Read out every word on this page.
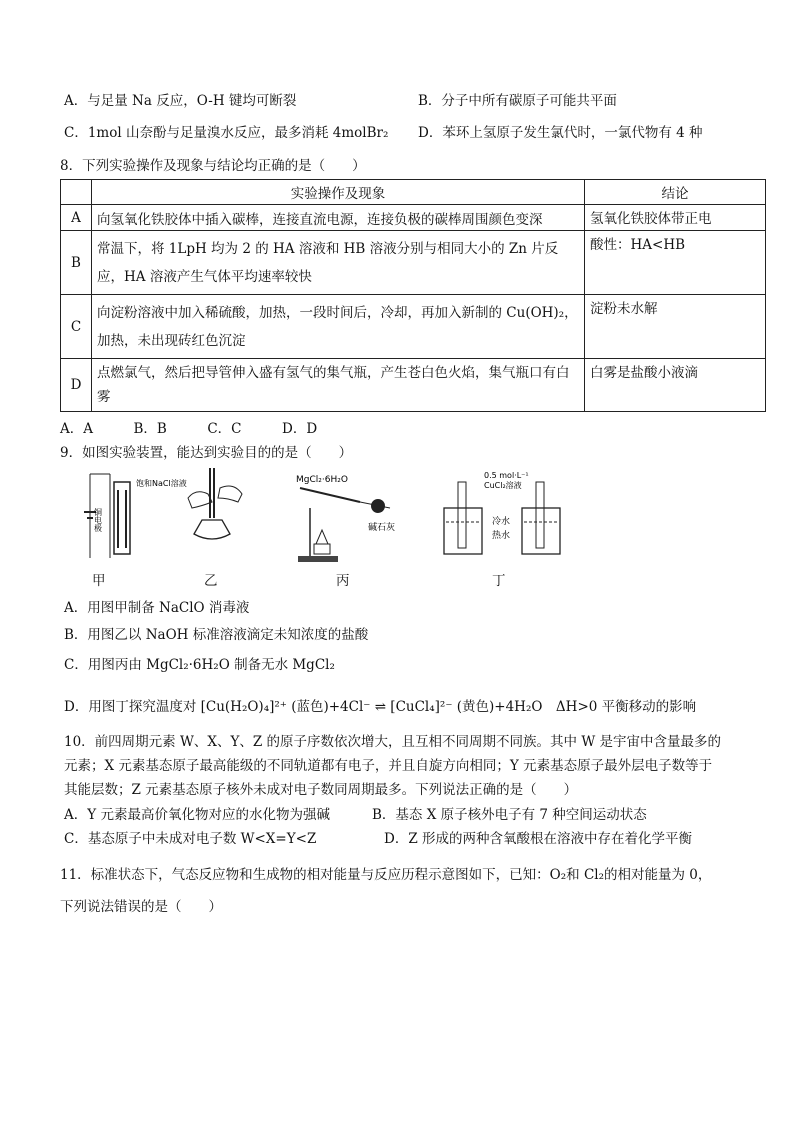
A．与足量 Na 反应，O-H 键均可断裂	B．分子中所有碳原子可能共平面
C．1mol 山奈酚与足量溴水反应，最多消耗 4molBr₂ D．苯环上氢原子发生氯代时，一氯代物有 4 种
8．下列实验操作及现象与结论均正确的是（　　）
	实验操作及现象	结论
A	向氢氧化铁胶体中插入碳棒，连接直流电源，连接负极的碳棒周围颜色变深	氢氧化铁胶体带正电
B	常温下，将 1LpH 均为 2 的 HA 溶液和 HB 溶液分别与相同大小的 Zn 片反应，HA 溶液产生气体平均速率较快	酸性：HA<HB
C	向淀粉溶液中加入稀硫酸，加热，一段时间后，冷却，再加入新制的 Cu(OH)₂，加热，未出现砖红色沉淀	淀粉未水解
D	点燃氯气，然后把导管伸入盛有氢气的集气瓶，产生苍白色火焰，集气瓶口有白雾	白雾是盐酸小液滴
A．A　　　B．B　　　C．C　　　D．D
9．如图实验装置，能达到实验目的的是（　　）
铜电极
饱和NaCl溶液	MgCl₂·6H₂O
碱石灰
0.5 mol·L⁻¹
CuCl₂溶液
冷水
热水
甲	乙	丙	丁
A．用图甲制备 NaClO 消毒液
B．用图乙以 NaOH 标准溶液滴定未知浓度的盐酸
C．用图丙由 MgCl₂·6H₂O 制备无水 MgCl₂
D．用图丁探究温度对 [Cu(H₂O)₄]²⁺ (蓝色)+4Cl⁻ ⇌ [CuCl₄]²⁻ (黄色)+4H₂O　ΔH>0 平衡移动的影响
10．前四周期元素 W、X、Y、Z 的原子序数依次增大，且互相不同周期不同族。其中 W 是宇宙中含量最多的
元素；X 元素基态原子最高能级的不同轨道都有电子，并且自旋方向相同；Y 元素基态原子最外层电子数等于
其能层数；Z 元素基态原子核外未成对电子数同周期最多。下列说法正确的是（　　）
A．Y 元素最高价氧化物对应的水化物为强碱	B．基态 X 原子核外电子有 7 种空间运动状态
C．基态原子中未成对电子数 W<X=Y<Z	D．Z 形成的两种含氧酸根在溶液中存在着化学平衡
11．标准状态下，气态反应物和生成物的相对能量与反应历程示意图如下，已知：O₂和 Cl₂的相对能量为 0，
下列说法错误的是（　　）
